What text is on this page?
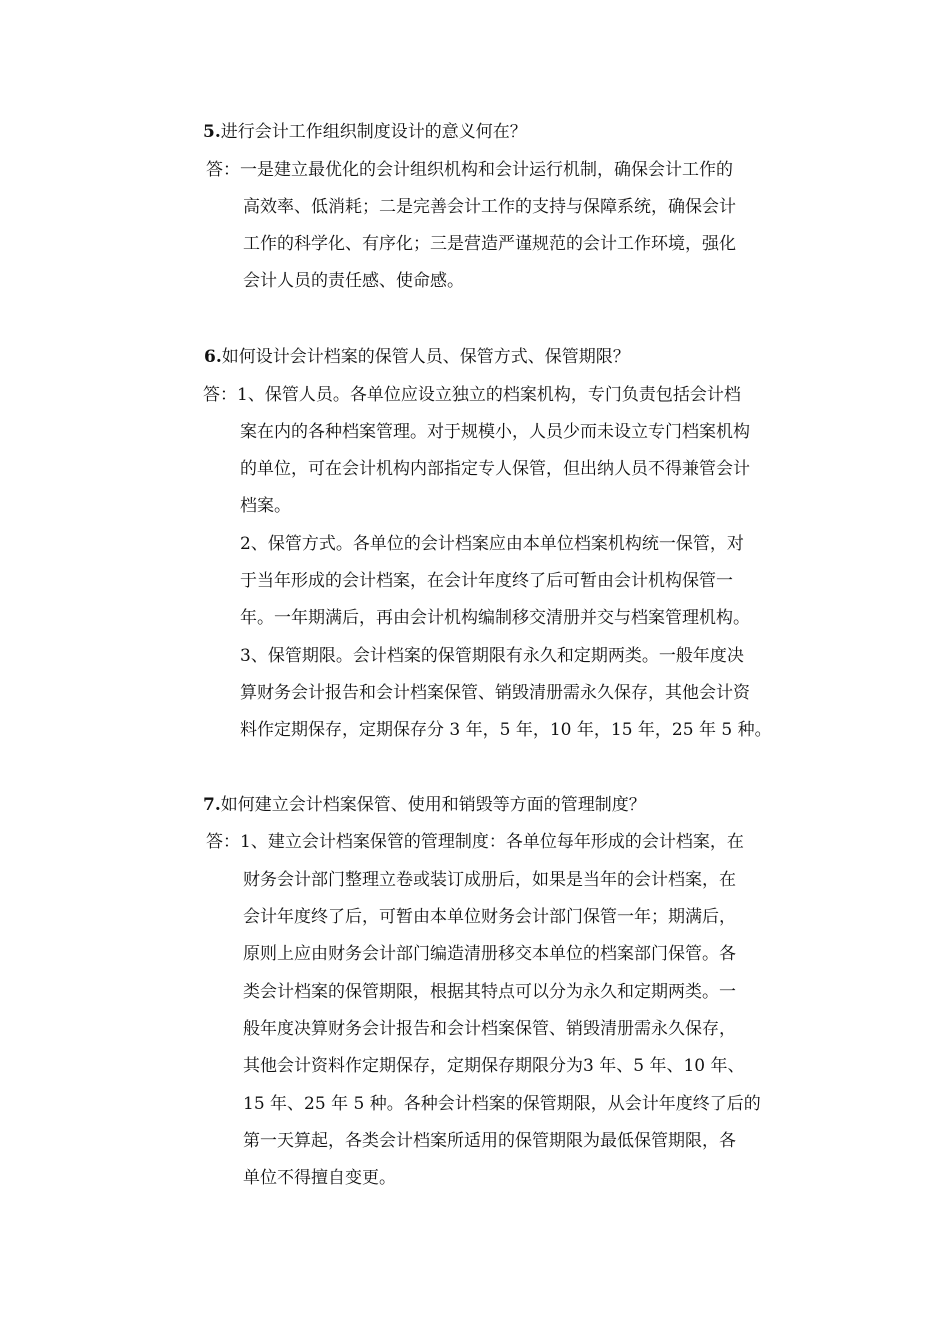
5.进行会计工作组织制度设计的意义何在？
答：一是建立最优化的会计组织机构和会计运行机制，确保会计工作的
高效率、低消耗；二是完善会计工作的支持与保障系统，确保会计
工作的科学化、有序化；三是营造严谨规范的会计工作环境，强化
会计人员的责任感、使命感。
6.如何设计会计档案的保管人员、保管方式、保管期限？
答：1、保管人员。各单位应设立独立的档案机构，专门负责包括会计档
案在内的各种档案管理。对于规模小，人员少而未设立专门档案机构
的单位，可在会计机构内部指定专人保管，但出纳人员不得兼管会计
档案。
2、保管方式。各单位的会计档案应由本单位档案机构统一保管，对
于当年形成的会计档案，在会计年度终了后可暂由会计机构保管一
年。一年期满后，再由会计机构编制移交清册并交与档案管理机构。
3、保管期限。会计档案的保管期限有永久和定期两类。一般年度决
算财务会计报告和会计档案保管、销毁清册需永久保存，其他会计资
料作定期保存，定期保存分 3 年，5 年，10 年，15 年，25 年 5 种。
7.如何建立会计档案保管、使用和销毁等方面的管理制度？
答：1、建立会计档案保管的管理制度：各单位每年形成的会计档案，在
财务会计部门整理立卷或装订成册后，如果是当年的会计档案，在
会计年度终了后，可暂由本单位财务会计部门保管一年；期满后，
原则上应由财务会计部门编造清册移交本单位的档案部门保管。各
类会计档案的保管期限，根据其特点可以分为永久和定期两类。一
般年度决算财务会计报告和会计档案保管、销毁清册需永久保存，
其他会计资料作定期保存，定期保存期限分为3 年、5 年、10 年、
15 年、25 年 5 种。各种会计档案的保管期限，从会计年度终了后的
第一天算起，各类会计档案所适用的保管期限为最低保管期限，各
单位不得擅自变更。
